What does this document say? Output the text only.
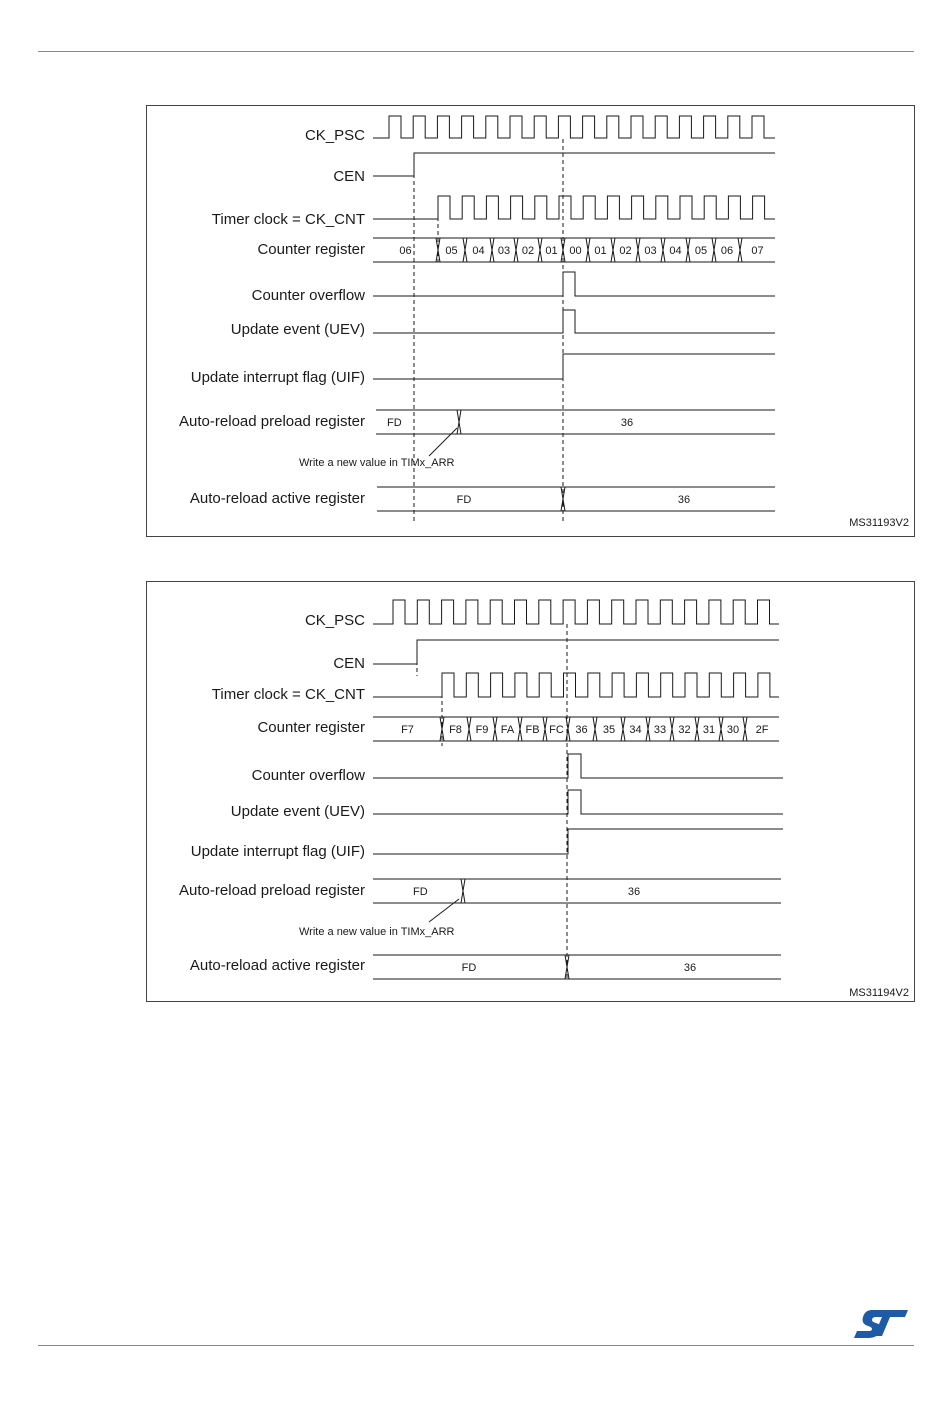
CK_PSC
CEN
Timer clock = CK_CNT
Counter register
Counter overflow
Update event (UEV)
Update interrupt flag (UIF)
Auto-reload preload register
Auto-reload active register
06	05 04 03 02 01 00 01 02 03 04 05 06 07
FD	36
Write a new value in TIMx_ARR
FD	36
MS31193V2
CK_PSC
CEN
Timer clock = CK_CNT
Counter register
Counter overflow
Update event (UEV)
Update interrupt flag (UIF)
Auto-reload preload register
Auto-reload active register
F7	F8 F9 FA FB FC 36 35 34 33 32 31 30 2F
FD	36
Write a new value in TIMx_ARR
FD	36
MS31194V2
